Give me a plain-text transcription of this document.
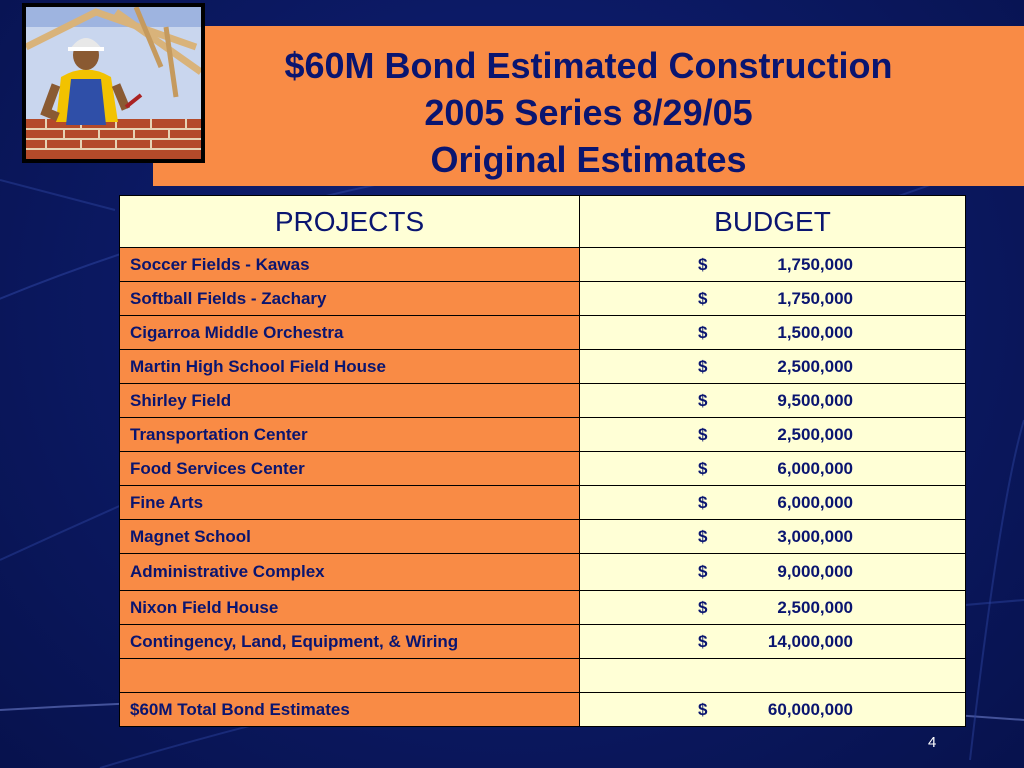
$60M Bond Estimated Construction
2005 Series 8/29/05
Original Estimates
PROJECTS	BUDGET
Soccer Fields - Kawas	$ 1,750,000

Softball Fields - Zachary	$ 1,750,000

Cigarroa Middle Orchestra	$ 1,500,000

Martin High School Field House	$ 2,500,000

Shirley Field	$ 9,500,000

Transportation Center	$ 2,500,000

Food Services Center	$ 6,000,000

Fine Arts	$ 6,000,000

Magnet School	$ 3,000,000

Administrative Complex	$ 9,000,000

Nixon Field House	$ 2,500,000

Contingency, Land, Equipment, & Wiring	$ 14,000,000

$60M Total Bond Estimates	$ 60,000,000
4
